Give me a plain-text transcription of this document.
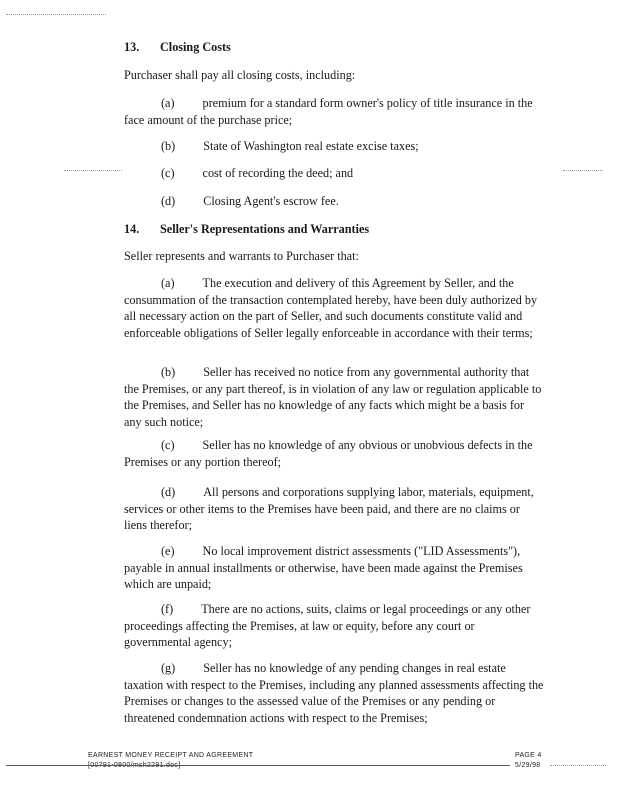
13. Closing Costs
Purchaser shall pay all closing costs, including:
(a) premium for a standard form owner's policy of title insurance in the face amount of the purchase price;
(b) State of Washington real estate excise taxes;
(c) cost of recording the deed; and
(d) Closing Agent's escrow fee.
14. Seller's Representations and Warranties
Seller represents and warrants to Purchaser that:
(a) The execution and delivery of this Agreement by Seller, and the consummation of the transaction contemplated hereby, have been duly authorized by all necessary action on the part of Seller, and such documents constitute valid and enforceable obligations of Seller legally enforceable in accordance with their terms;
(b) Seller has received no notice from any governmental authority that the Premises, or any part thereof, is in violation of any law or regulation applicable to the Premises, and Seller has no knowledge of any facts which might be a basis for any such notice;
(c) Seller has no knowledge of any obvious or unobvious defects in the Premises or any portion thereof;
(d) All persons and corporations supplying labor, materials, equipment, services or other items to the Premises have been paid, and there are no claims or liens therefor;
(e) No local improvement district assessments ("LID Assessments"), payable in annual installments or otherwise, have been made against the Premises which are unpaid;
(f) There are no actions, suits, claims or legal proceedings or any other proceedings affecting the Premises, at law or equity, before any court or governmental agency;
(g) Seller has no knowledge of any pending changes in real estate taxation with respect to the Premises, including any planned assessments affecting the Premises or changes to the assessed value of the Premises or any pending or threatened condemnation actions with respect to the Premises;
EARNEST MONEY RECEIPT AND AGREEMENT
[00791-0800/msh2291.doc]
PAGE 4
5/29/98
